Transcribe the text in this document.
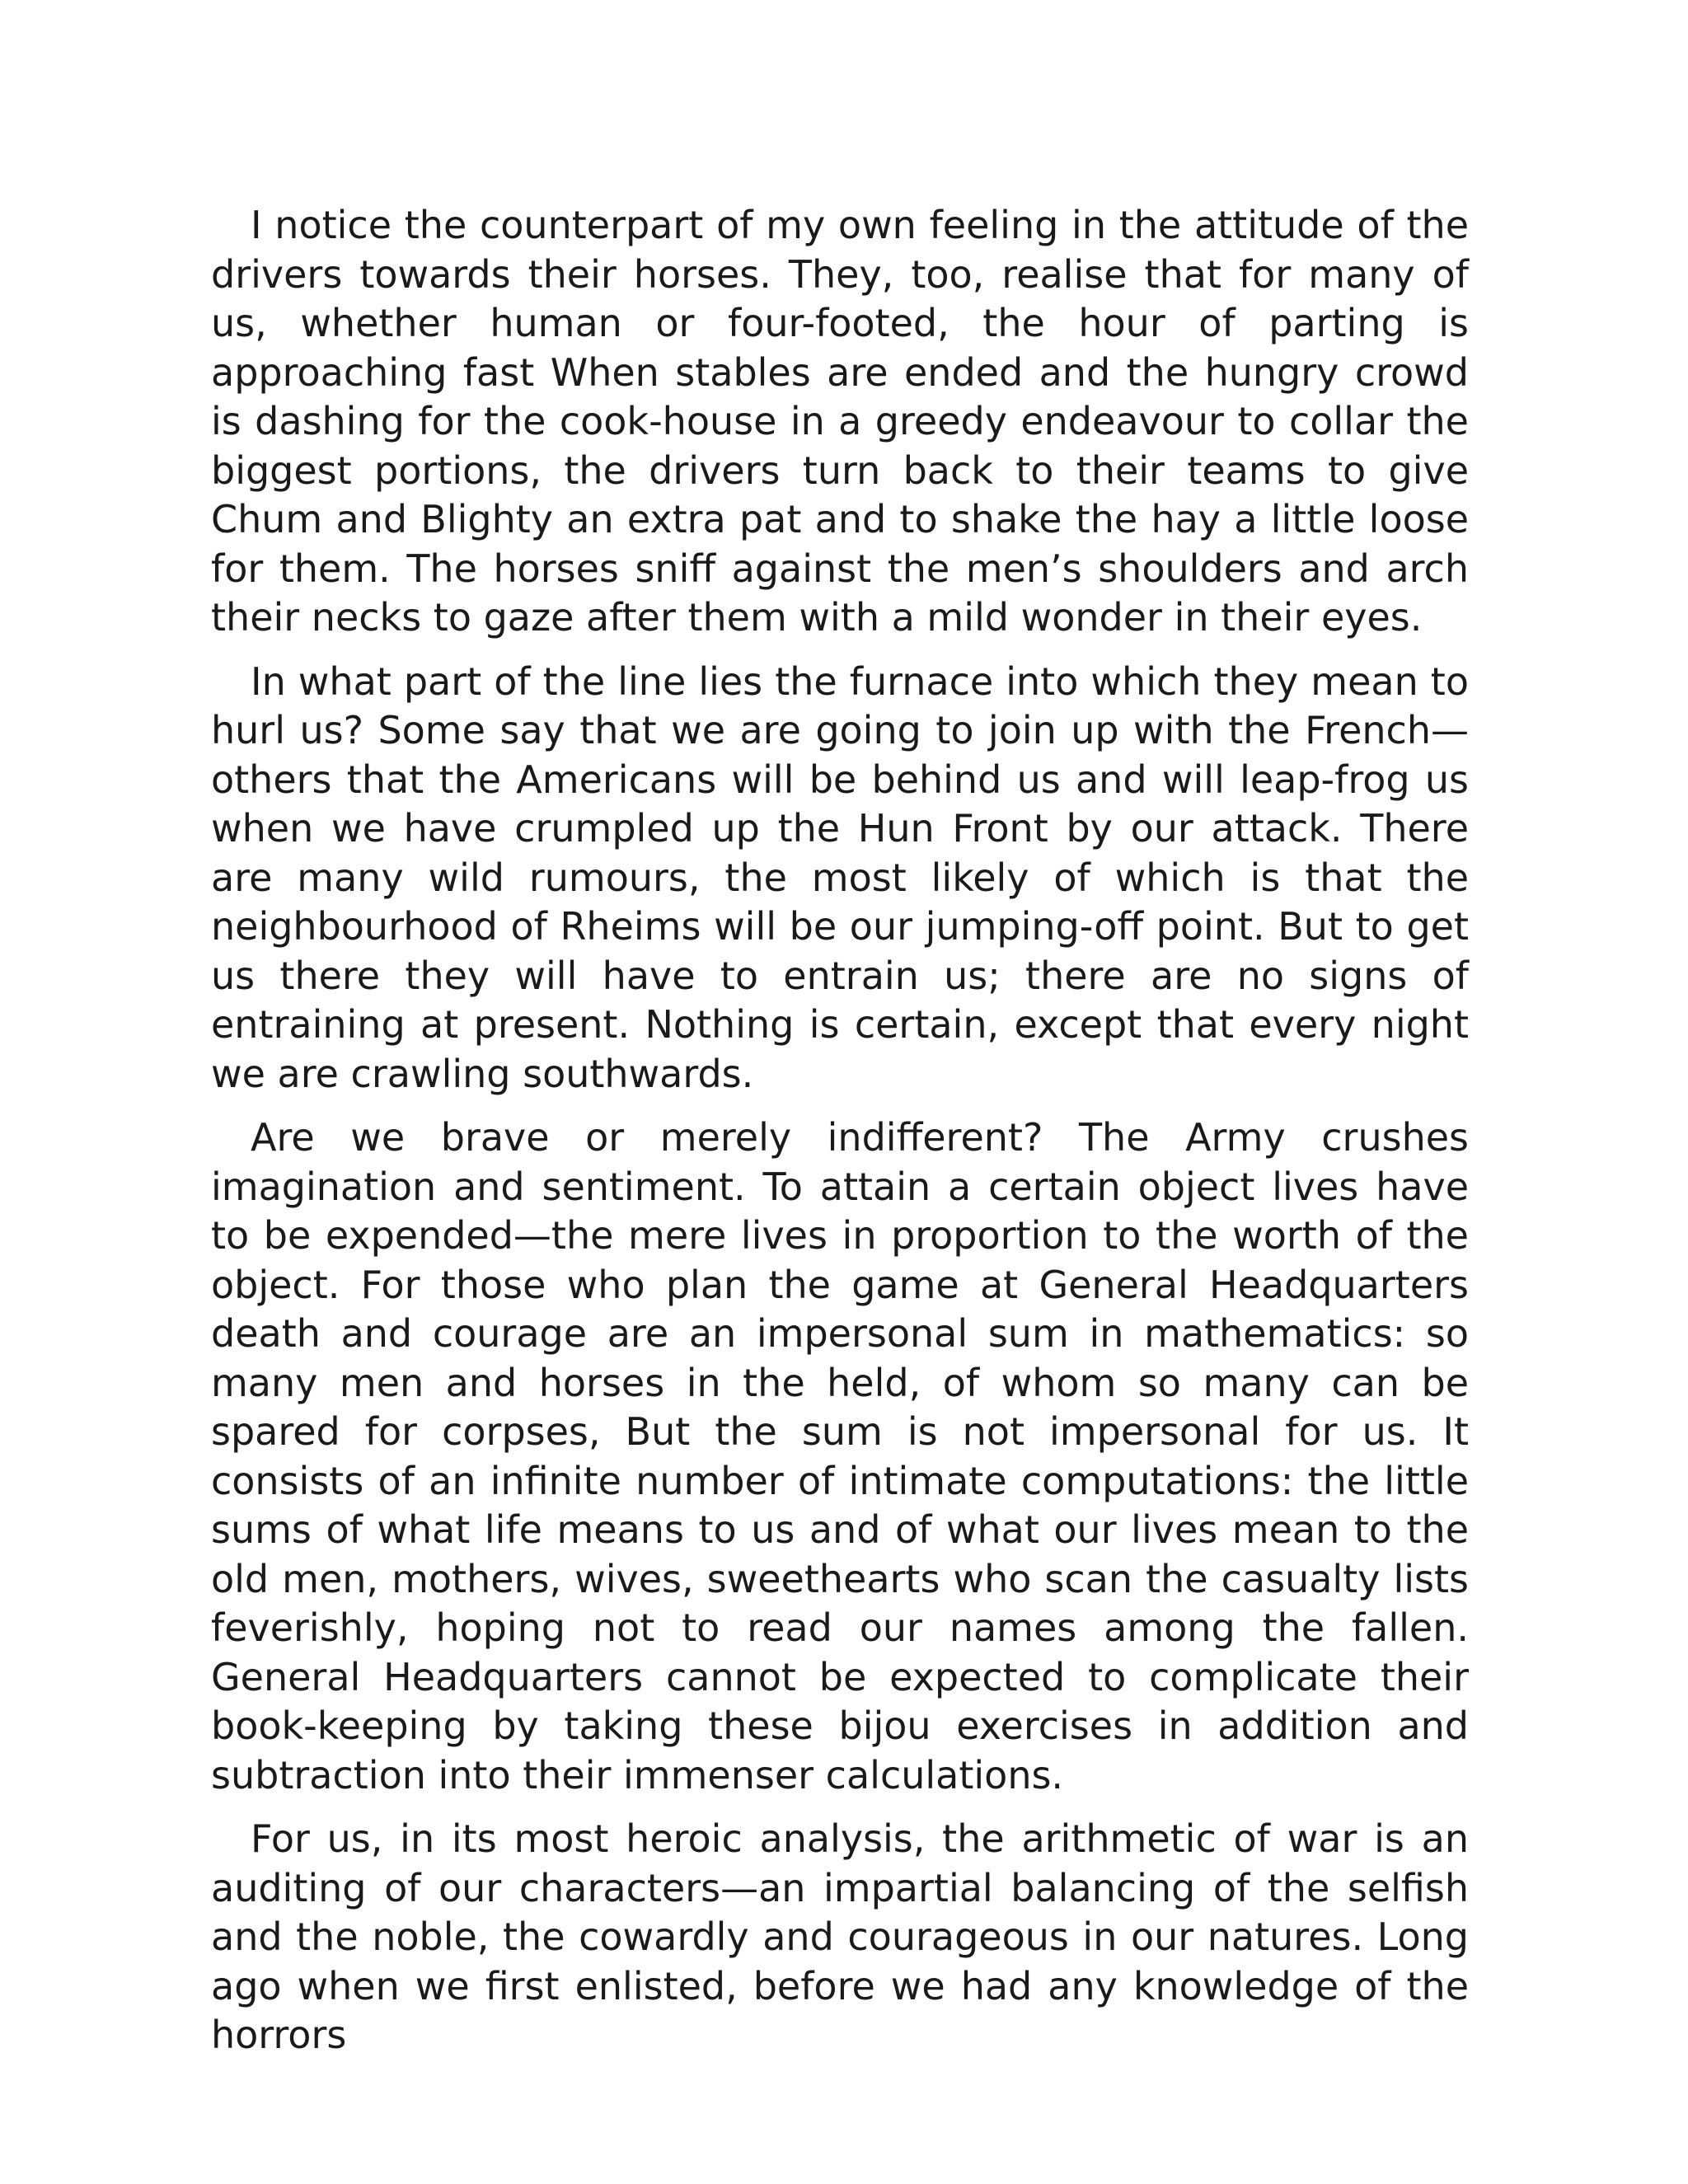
I notice the counterpart of my own feeling in the attitude of the drivers towards their horses. They, too, realise that for many of us, whether human or four-footed, the hour of parting is approaching fast When stables are ended and the hungry crowd is dashing for the cook-house in a greedy endeavour to collar the biggest portions, the drivers turn back to their teams to give Chum and Blighty an extra pat and to shake the hay a little loose for them. The horses sniff against the men’s shoulders and arch their necks to gaze after them with a mild wonder in their eyes.

In what part of the line lies the furnace into which they mean to hurl us? Some say that we are going to join up with the French—others that the Americans will be behind us and will leap-frog us when we have crumpled up the Hun Front by our attack. There are many wild rumours, the most likely of which is that the neighbourhood of Rheims will be our jumping-off point. But to get us there they will have to entrain us; there are no signs of entraining at present. Nothing is certain, except that every night we are crawling southwards.

Are we brave or merely indifferent? The Army crushes imagination and sentiment. To attain a certain object lives have to be expended—the mere lives in proportion to the worth of the object. For those who plan the game at General Headquarters death and courage are an impersonal sum in mathematics: so many men and horses in the held, of whom so many can be spared for corpses, But the sum is not impersonal for us. It consists of an infinite number of intimate computations: the little sums of what life means to us and of what our lives mean to the old men, mothers, wives, sweethearts who scan the casualty lists feverishly, hoping not to read our names among the fallen. General Headquarters cannot be expected to complicate their book-keeping by taking these bijou exercises in addition and subtraction into their immenser calculations.

For us, in its most heroic analysis, the arithmetic of war is an auditing of our characters—an impartial balancing of the selfish and the noble, the cowardly and courageous in our natures. Long ago when we first enlisted, before we had any knowledge of the horrors
